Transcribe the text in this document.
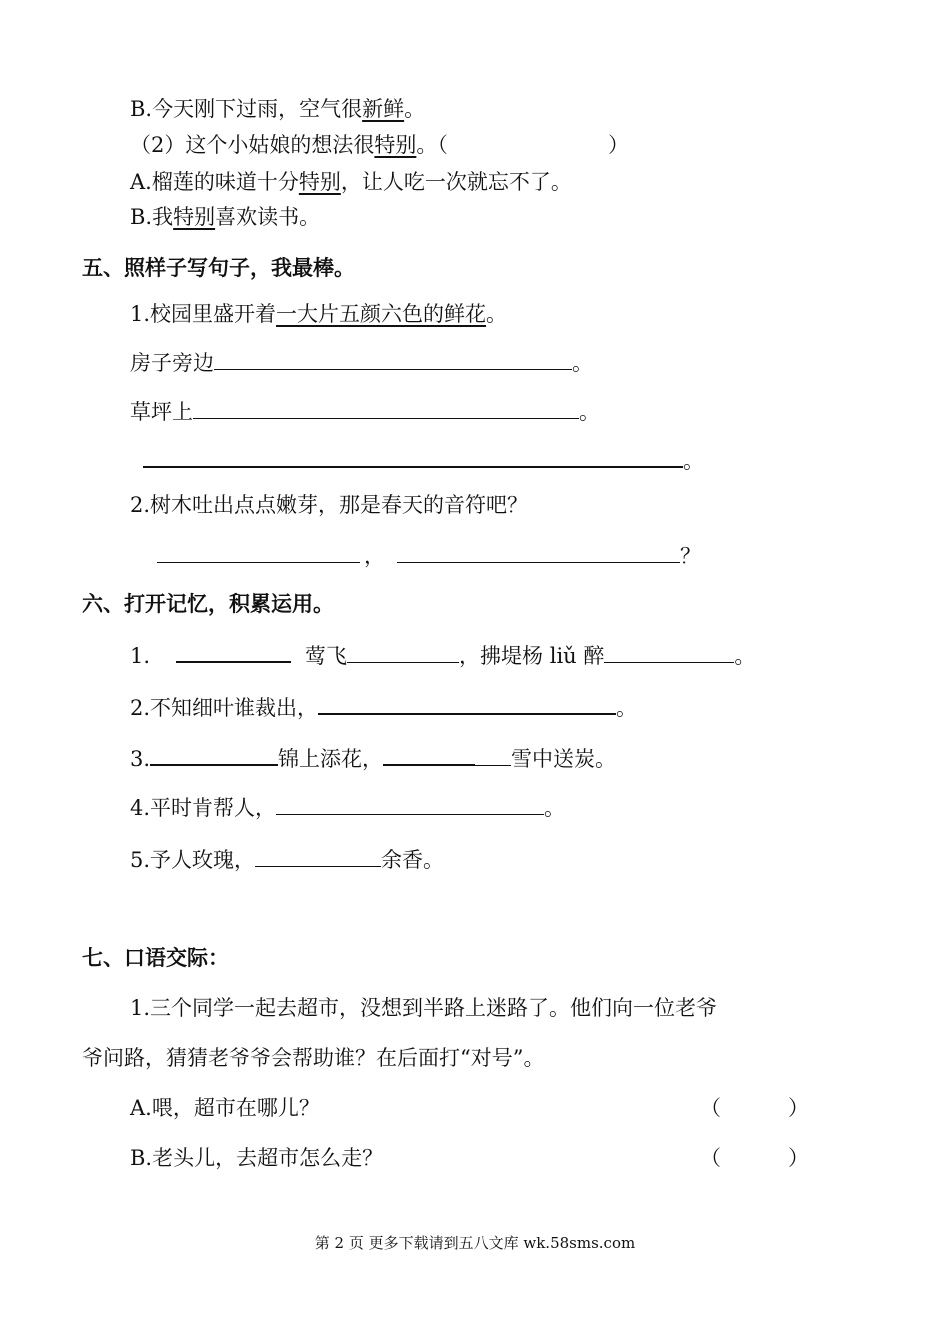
B.今天刚下过雨，空气很新鲜。
（2）这个小姑娘的想法很特别。（	）
A.榴莲的味道十分特别，让人吃一次就忘不了。
B.我特别喜欢读书。
五、照样子写句子，我最棒。
1.校园里盛开着一大片五颜六色的鲜花。
房子旁边	。
草坪上	。
。
2.树木吐出点点嫩芽，那是春天的音符吧？
，	？
六、打开记忆，积累运用。
1.	莺飞	，拂堤杨 liǔ 醉	。
2.不知细叶谁裁出，	。
3.	锦上添花，	雪中送炭。
4.平时肯帮人，	。
5.予人玫瑰，	余香。
七、口语交际：
1.三个同学一起去超市，没想到半路上迷路了。他们向一位老爷
爷问路，猜猜老爷爷会帮助谁？在后面打“对号”。
A.喂，超市在哪儿？	（	）
B.老头儿，去超市怎么走？	（	）
第 2 页 更多下载请到五八文库 wk.58sms.com
